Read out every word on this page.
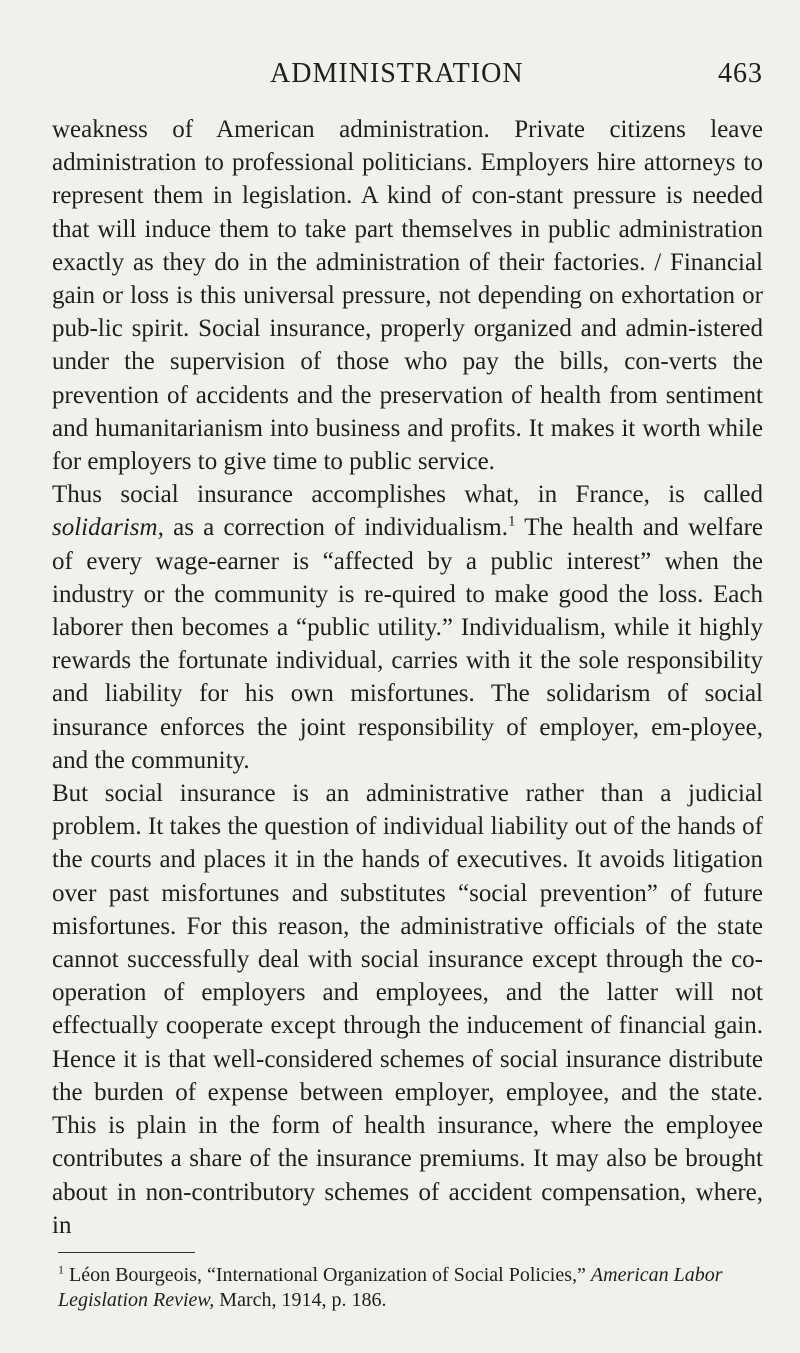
ADMINISTRATION	463

weakness of American administration. Private citizens leave administration to professional politicians. Employers hire attorneys to represent them in legislation. A kind of con-stant pressure is needed that will induce them to take part themselves in public administration exactly as they do in the administration of their factories. / Financial gain or loss is this universal pressure, not depending on exhortation or pub-lic spirit. Social insurance, properly organized and admin-istered under the supervision of those who pay the bills, con-verts the prevention of accidents and the preservation of health from sentiment and humanitarianism into business and profits. It makes it worth while for employers to give time to public service.

Thus social insurance accomplishes what, in France, is called solidarism, as a correction of individualism.$^1$ The health and welfare of every wage-earner is “affected by a public interest” when the industry or the community is re-quired to make good the loss. Each laborer then becomes a “public utility.” Individualism, while it highly rewards the fortunate individual, carries with it the sole responsibility and liability for his own misfortunes. The solidarism of social insurance enforces the joint responsibility of employer, em-ployee, and the community.

But social insurance is an administrative rather than a judicial problem. It takes the question of individual liability out of the hands of the courts and places it in the hands of executives. It avoids litigation over past misfortunes and substitutes “social prevention” of future misfortunes. For this reason, the administrative officials of the state cannot successfully deal with social insurance except through the co-operation of employers and employees, and the latter will not effectually cooperate except through the inducement of financial gain. Hence it is that well-considered schemes of social insurance distribute the burden of expense between employer, employee, and the state. This is plain in the form of health insurance, where the employee contributes a share of the insurance premiums. It may also be brought about in non-contributory schemes of accident compensation, where, in

$^1$ Léon Bourgeois, “International Organization of Social Policies,” American Labor Legislation Review, March, 1914, p. 186.
